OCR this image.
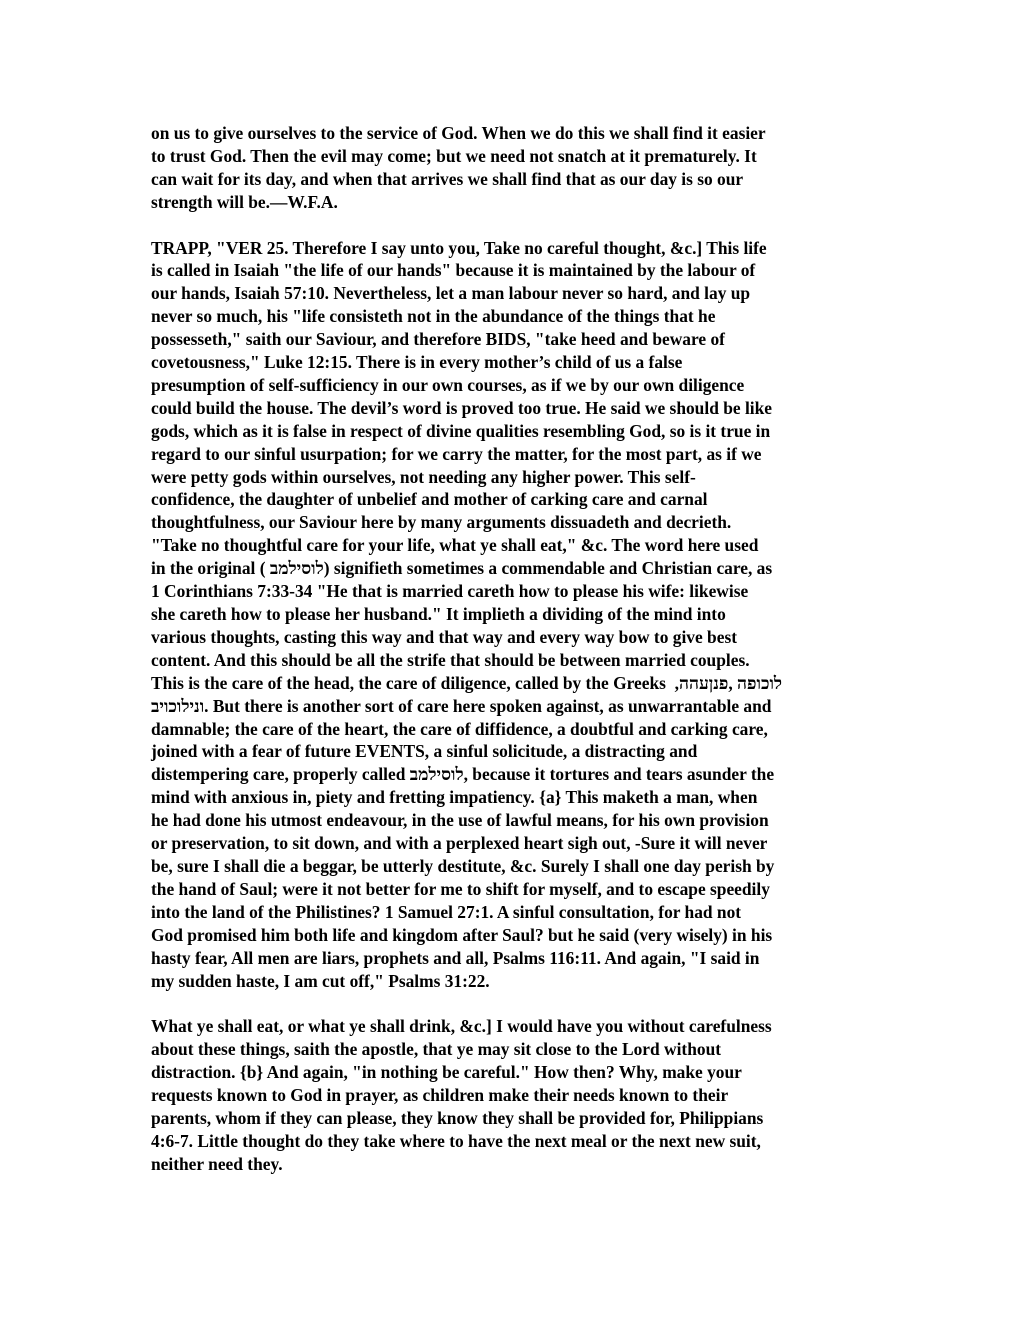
on us to give ourselves to the service of God. When we do this we shall find it easier
to trust God. Then the evil may come; but we need not snatch at it prematurely. It
can wait for its day, and when that arrives we shall find that as our day is so our
strength will be.—W.F.A.
TRAPP, "VER 25. Therefore I say unto you, Take no careful thought, &c.] This life
is called in Isaiah "the life of our hands" because it is maintained by the labour of
our hands, Isaiah 57:10. Nevertheless, let a man labour never so hard, and lay up
never so much, his "life consisteth not in the abundance of the things that he
possesseth," saith our Saviour, and therefore BIDS, "take heed and beware of
covetousness," Luke 12:15. There is in every mother’s child of us a false
presumption of self-sufficiency in our own courses, as if we by our own diligence
could build the house. The devil’s word is proved too true. He said we should be like
gods, which as it is false in respect of divine qualities resembling God, so is it true in
regard to our sinful usurpation; for we carry the matter, for the most part, as if we
were petty gods within ourselves, not needing any higher power. This self-
confidence, the daughter of unbelief and mother of carking care and carnal
thoughtfulness, our Saviour here by many arguments dissuadeth and decrieth.
"Take no thoughtful care for your life, what ye shall eat," &c. The word here used
in the original ( לוסילמב) signifieth sometimes a commendable and Christian care, as
1 Corinthians 7:33-34 "He that is married careth how to please his wife: likewise
she careth how to please her husband." It implieth a dividing of the mind into
various thoughts, casting this way and that way and every way bow to give best
content. And this should be all the strife that should be between married couples.
This is the care of the head, the care of diligence, called by the Greeks  ,לוכופה ,פנןעהה
ונילוכויב. But there is another sort of care here spoken against, as unwarrantable and
damnable; the care of the heart, the care of diffidence, a doubtful and carking care,
joined with a fear of future EVENTS, a sinful solicitude, a distracting and
distempering care, properly called לוסילמב, because it tortures and tears asunder the
mind with anxious in, piety and fretting impatiency. {a} This maketh a man, when
he had done his utmost endeavour, in the use of lawful means, for his own provision
or preservation, to sit down, and with a perplexed heart sigh out, -Sure it will never
be, sure I shall die a beggar, be utterly destitute, &c. Surely I shall one day perish by
the hand of Saul; were it not better for me to shift for myself, and to escape speedily
into the land of the Philistines? 1 Samuel 27:1. A sinful consultation, for had not
God promised him both life and kingdom after Saul? but he said (very wisely) in his
hasty fear, All men are liars, prophets and all, Psalms 116:11. And again, "I said in
my sudden haste, I am cut off," Psalms 31:22.
What ye shall eat, or what ye shall drink, &c.] I would have you without carefulness
about these things, saith the apostle, that ye may sit close to the Lord without
distraction. {b} And again, "in nothing be careful." How then? Why, make your
requests known to God in prayer, as children make their needs known to their
parents, whom if they can please, they know they shall be provided for, Philippians
4:6-7. Little thought do they take where to have the next meal or the next new suit,
neither need they.
